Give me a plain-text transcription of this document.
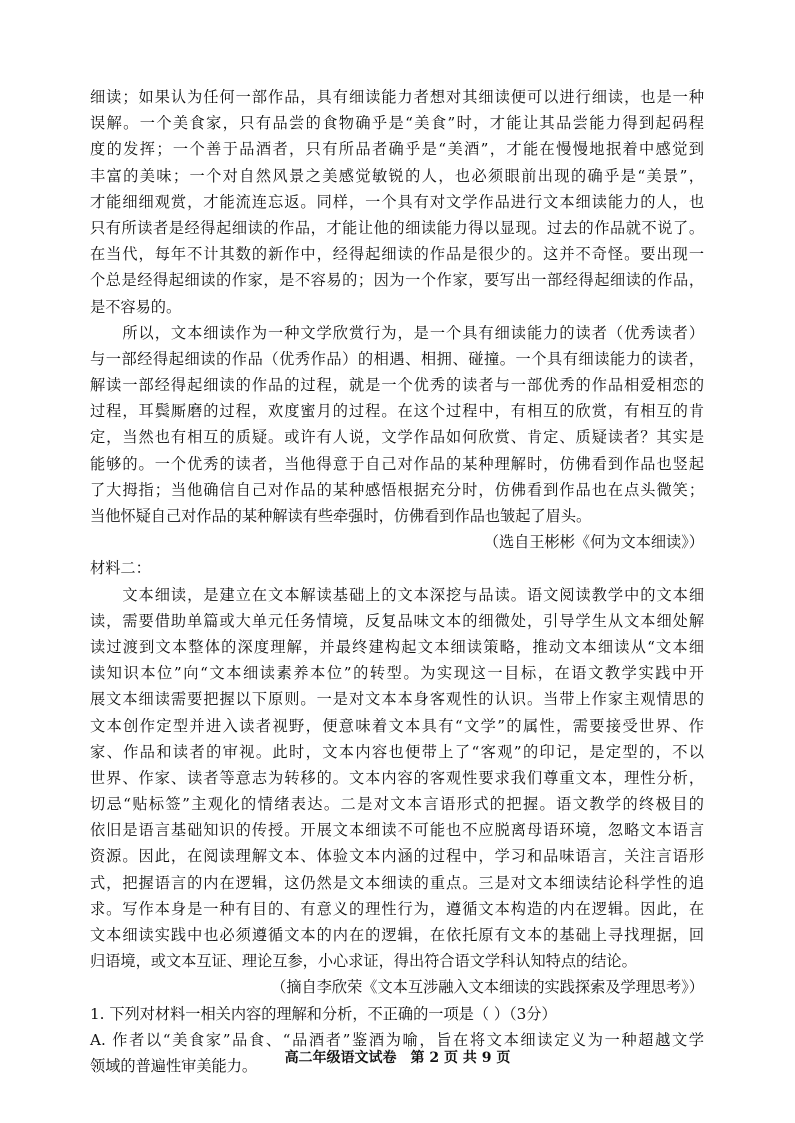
细读；如果认为任何一部作品，具有细读能力者想对其细读便可以进行细读，也是一种
误解。一个美食家，只有品尝的食物确乎是“美食”时，才能让其品尝能力得到起码程
度的发挥；一个善于品酒者，只有所品者确乎是“美酒”，才能在慢慢地抿着中感觉到
丰富的美味；一个对自然风景之美感觉敏锐的人，也必须眼前出现的确乎是“美景”，
才能细细观赏，才能流连忘返。同样，一个具有对文学作品进行文本细读能力的人，也
只有所读者是经得起细读的作品，才能让他的细读能力得以显现。过去的作品就不说了。
在当代，每年不计其数的新作中，经得起细读的作品是很少的。这并不奇怪。要出现一
个总是经得起细读的作家，是不容易的；因为一个作家，要写出一部经得起细读的作品，
是不容易的。
　　所以，文本细读作为一种文学欣赏行为，是一个具有细读能力的读者（优秀读者）
与一部经得起细读的作品（优秀作品）的相遇、相拥、碰撞。一个具有细读能力的读者，
解读一部经得起细读的作品的过程，就是一个优秀的读者与一部优秀的作品相爱相恋的
过程，耳鬓厮磨的过程，欢度蜜月的过程。在这个过程中，有相互的欣赏，有相互的肯
定，当然也有相互的质疑。或许有人说，文学作品如何欣赏、肯定、质疑读者？其实是
能够的。一个优秀的读者，当他得意于自己对作品的某种理解时，仿佛看到作品也竖起
了大拇指；当他确信自己对作品的某种感悟根据充分时，仿佛看到作品也在点头微笑；
当他怀疑自己对作品的某种解读有些牵强时，仿佛看到作品也皱起了眉头。
（选自王彬彬《何为文本细读》）
材料二：
　　文本细读，是建立在文本解读基础上的文本深挖与品读。语文阅读教学中的文本细
读，需要借助单篇或大单元任务情境，反复品味文本的细微处，引导学生从文本细处解
读过渡到文本整体的深度理解，并最终建构起文本细读策略，推动文本细读从“文本细
读知识本位”向“文本细读素养本位”的转型。为实现这一目标，在语文教学实践中开
展文本细读需要把握以下原则。一是对文本本身客观性的认识。当带上作家主观情思的
文本创作定型并进入读者视野，便意味着文本具有“文学”的属性，需要接受世界、作
家、作品和读者的审视。此时，文本内容也便带上了“客观”的印记，是定型的，不以
世界、作家、读者等意志为转移的。文本内容的客观性要求我们尊重文本，理性分析，
切忌“贴标签”主观化的情绪表达。二是对文本言语形式的把握。语文教学的终极目的
依旧是语言基础知识的传授。开展文本细读不可能也不应脱离母语环境，忽略文本语言
资源。因此，在阅读理解文本、体验文本内涵的过程中，学习和品味语言，关注言语形
式，把握语言的内在逻辑，这仍然是文本细读的重点。三是对文本细读结论科学性的追
求。写作本身是一种有目的、有意义的理性行为，遵循文本构造的内在逻辑。因此，在
文本细读实践中也必须遵循文本的内在的逻辑，在依托原有文本的基础上寻找理据，回
归语境，或文本互证、理论互参，小心求证，得出符合语文学科认知特点的结论。
（摘自李欣荣《文本互涉融入文本细读的实践探索及学理思考》）
1. 下列对材料一相关内容的理解和分析，不正确的一项是（ ）（3分）
A. 作者以“美食家”品食、“品酒者”鉴酒为喻，旨在将文本细读定义为一种超越文学
领域的普遍性审美能力。	高二年级语文试卷　第 2 页 共 9 页
